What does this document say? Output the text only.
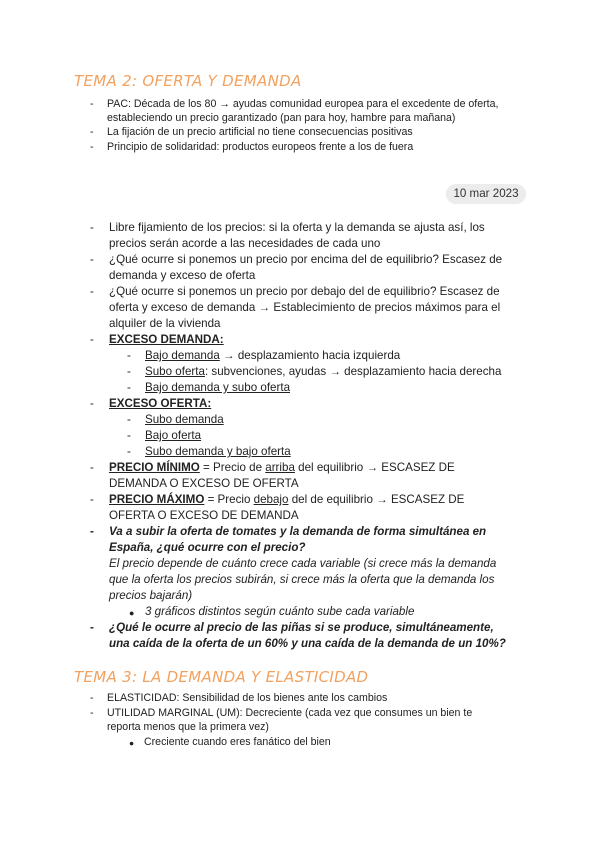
TEMA 2: OFERTA Y DEMANDA
- PAC: Década de los 80 → ayudas comunidad europea para el excedente de oferta,
estableciendo un precio garantizado (pan para hoy, hambre para mañana)
- La fijación de un precio artificial no tiene consecuencias positivas
- Principio de solidaridad: productos europeos frente a los de fuera
10 mar 2023
- Libre fijamiento de los precios: si la oferta y la demanda se ajusta así, los
precios serán acorde a las necesidades de cada uno
- ¿Qué ocurre si ponemos un precio por encima del de equilibrio? Escasez de
demanda y exceso de oferta
- ¿Qué ocurre si ponemos un precio por debajo del de equilibrio? Escasez de
oferta y exceso de demanda → Establecimiento de precios máximos para el
alquiler de la vivienda
- EXCESO DEMANDA:
- Bajo demanda → desplazamiento hacia izquierda
- Subo oferta: subvenciones, ayudas → desplazamiento hacia derecha
- Bajo demanda y subo oferta
- EXCESO OFERTA:
- Subo demanda
- Bajo oferta
- Subo demanda y bajo oferta
- PRECIO MÍNIMO = Precio de arriba del equilibrio → ESCASEZ DE
DEMANDA O EXCESO DE OFERTA
- PRECIO MÁXIMO = Precio debajo del de equilibrio → ESCASEZ DE
OFERTA O EXCESO DE DEMANDA
- Va a subir la oferta de tomates y la demanda de forma simultánea en
España, ¿qué ocurre con el precio?
El precio depende de cuánto crece cada variable (si crece más la demanda
que la oferta los precios subirán, si crece más la oferta que la demanda los
precios bajarán)
● 3 gráficos distintos según cuánto sube cada variable
- ¿Qué le ocurre al precio de las piñas si se produce, simultáneamente,
una caída de la oferta de un 60% y una caída de la demanda de un 10%?
TEMA 3: LA DEMANDA Y ELASTICIDAD
- ELASTICIDAD: Sensibilidad de los bienes ante los cambios
- UTILIDAD MARGINAL (UM): Decreciente (cada vez que consumes un bien te
reporta menos que la primera vez)
● Creciente cuando eres fanático del bien
